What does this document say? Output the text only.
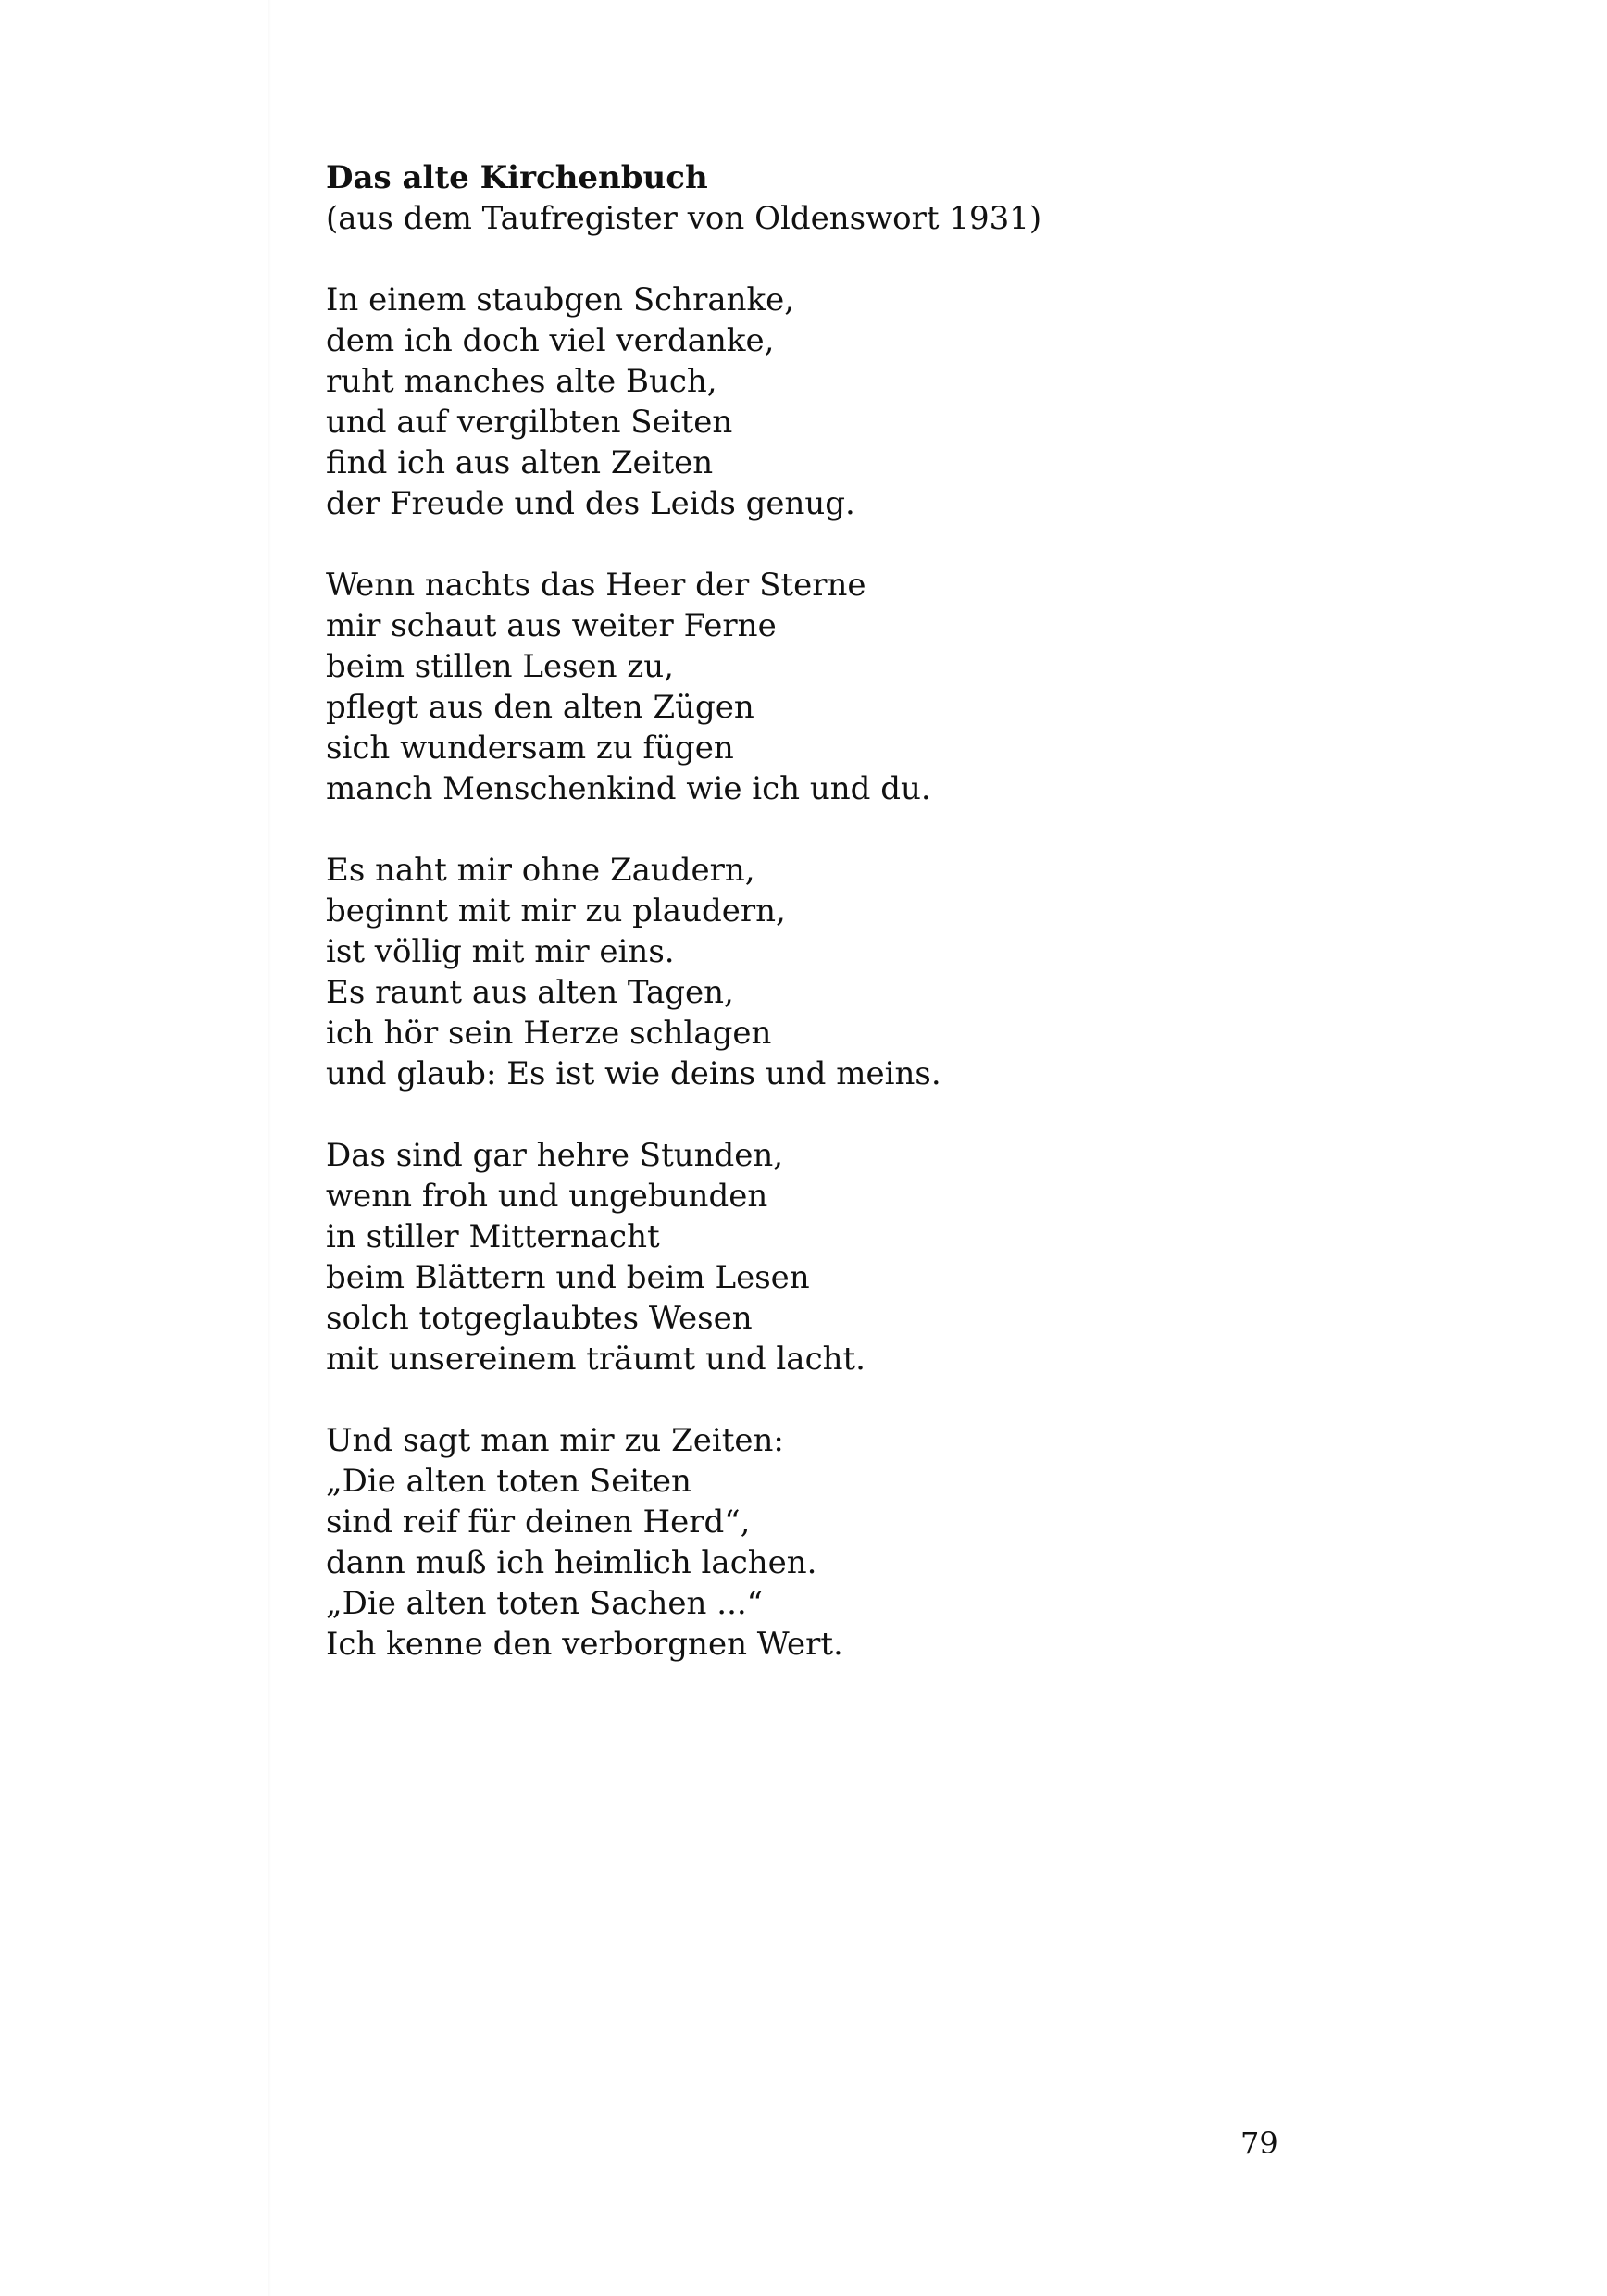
Das alte Kirchenbuch

(aus dem Taufregister von Oldenswort 1931)

In einem staubgen Schranke,
dem ich doch viel verdanke,
ruht manches alte Buch,
und auf vergilbten Seiten
find ich aus alten Zeiten
der Freude und des Leids genug.
Wenn nachts das Heer der Sterne
mir schaut aus weiter Ferne
beim stillen Lesen zu,
pflegt aus den alten Zügen
sich wundersam zu fügen
manch Menschenkind wie ich und du.
Es naht mir ohne Zaudern,
beginnt mit mir zu plaudern,
ist völlig mit mir eins.
Es raunt aus alten Tagen,
ich hör sein Herze schlagen
und glaub: Es ist wie deins und meins.
Das sind gar hehre Stunden,
wenn froh und ungebunden
in stiller Mitternacht
beim Blättern und beim Lesen
solch totgeglaubtes Wesen
mit unsereinem träumt und lacht.
Und sagt man mir zu Zeiten:
„Die alten toten Seiten
sind reif für deinen Herd“,
dann muß ich heimlich lachen.
„Die alten toten Sachen ...“
Ich kenne den verborgnen Wert.
79
